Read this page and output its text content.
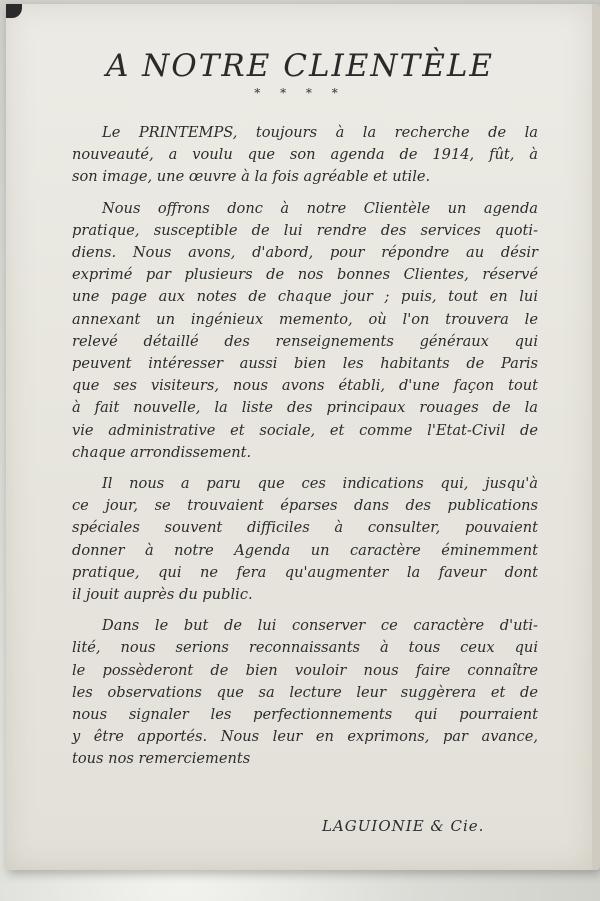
A NOTRE CLIENTÈLE
* * * *
Le PRINTEMPS, toujours à la recherche de la
nouveauté, a voulu que son agenda de 1914, fût, à
son image, une œuvre à la fois agréable et utile.
Nous offrons donc à notre Clientèle un agenda
pratique, susceptible de lui rendre des services quoti-
diens. Nous avons, d'abord, pour répondre au désir
exprimé par plusieurs de nos bonnes Clientes, réservé
une page aux notes de chaque jour ; puis, tout en lui
annexant un ingénieux memento, où l'on trouvera le
relevé détaillé des renseignements généraux qui
peuvent intéresser aussi bien les habitants de Paris
que ses visiteurs, nous avons établi, d'une façon tout
à fait nouvelle, la liste des principaux rouages de la
vie administrative et sociale, et comme l'Etat-Civil de
chaque arrondissement.
Il nous a paru que ces indications qui, jusqu'à
ce jour, se trouvaient éparses dans des publications
spéciales souvent difficiles à consulter, pouvaient
donner à notre Agenda un caractère éminemment
pratique, qui ne fera qu'augmenter la faveur dont
il jouit auprès du public.
Dans le but de lui conserver ce caractère d'uti-
lité, nous serions reconnaissants à tous ceux qui
le possèderont de bien vouloir nous faire connaître
les observations que sa lecture leur suggèrera et de
nous signaler les perfectionnements qui pourraient
y être apportés. Nous leur en exprimons, par avance,
tous nos remerciements
LAGUIONIE & Cie.
